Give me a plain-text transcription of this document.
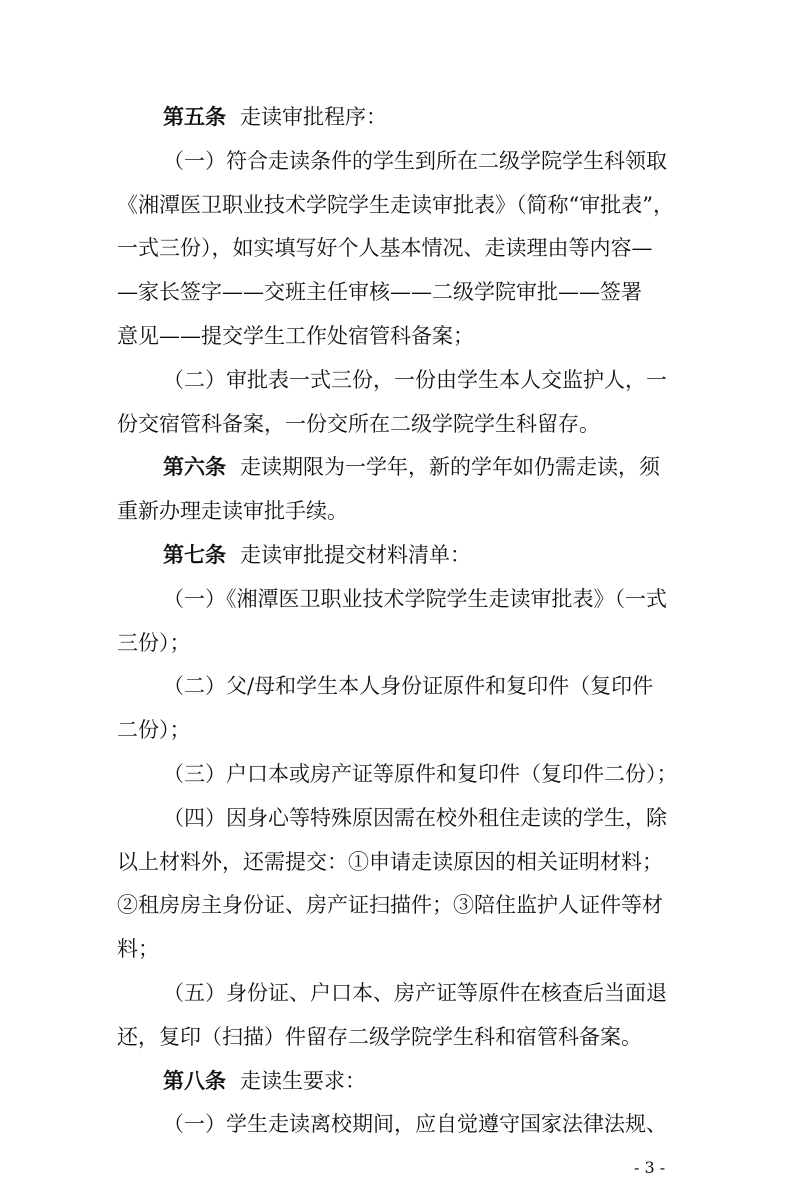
第五条 走读审批程序：
（一）符合走读条件的学生到所在二级学院学生科领取
《湘潭医卫职业技术学院学生走读审批表》（简称“审批表”，
一式三份），如实填写好个人基本情况、走读理由等内容—
—家长签字——交班主任审核——二级学院审批——签署
意见——提交学生工作处宿管科备案；
（二）审批表一式三份，一份由学生本人交监护人，一
份交宿管科备案，一份交所在二级学院学生科留存。
第六条 走读期限为一学年，新的学年如仍需走读，须
重新办理走读审批手续。
第七条 走读审批提交材料清单：
（一）《湘潭医卫职业技术学院学生走读审批表》（一式
三份）；
（二）父/母和学生本人身份证原件和复印件（复印件
二份）；
（三）户口本或房产证等原件和复印件（复印件二份）；
（四）因身心等特殊原因需在校外租住走读的学生，除
以上材料外，还需提交：①申请走读原因的相关证明材料；
②租房房主身份证、房产证扫描件；③陪住监护人证件等材
料；
（五）身份证、户口本、房产证等原件在核查后当面退
还，复印（扫描）件留存二级学院学生科和宿管科备案。
- 3 -
第八条 走读生要求：
（一）学生走读离校期间，应自觉遵守国家法律法规、
